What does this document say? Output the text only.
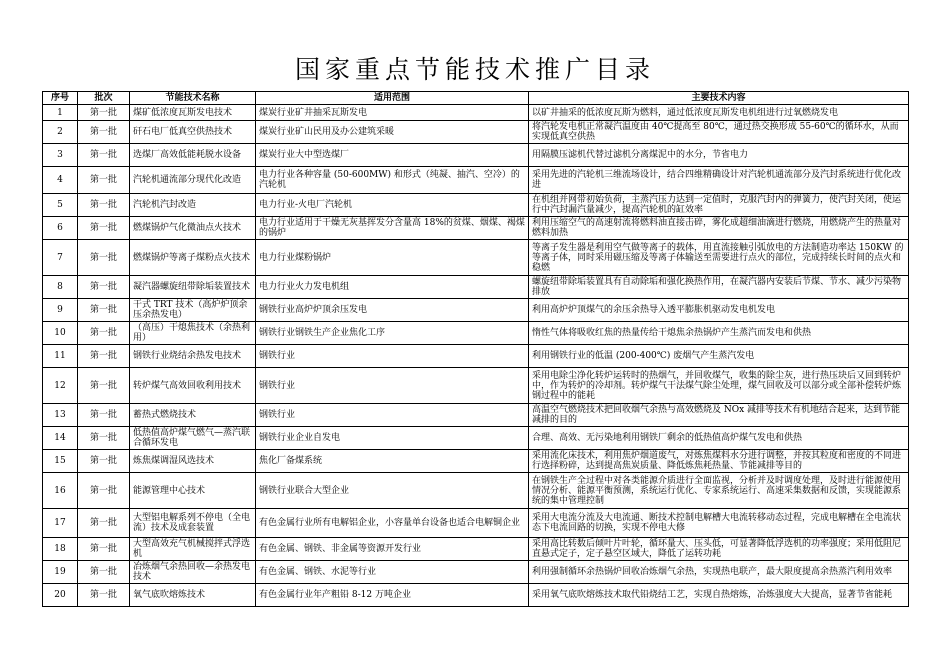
国家重点节能技术推广目录
序号	批次	节能技术名称	适用范围	主要技术内容
1	第一批	煤矿低浓度瓦斯发电技术	煤炭行业矿井抽采瓦斯发电	以矿井抽采的低浓度瓦斯为燃料，通过低浓度瓦斯发电机组进行过氧燃烧发电
2	第一批	矸石电厂低真空供热技术	煤炭行业矿山民用及办公建筑采暖	将汽轮发电机正常凝汽温度由 40℃提高至 80℃，通过热交换形成 55-60℃的循环水，从而实现低真空供热
3	第一批	选煤厂高效低能耗脱水设备	煤炭行业大中型选煤厂	用隔膜压滤机代替过滤机分离煤泥中的水分，节省电力
4	第一批	汽轮机通流部分现代化改造	电力行业各种容量 (50-600MW) 和形式（纯凝、抽汽、空冷）的汽轮机	采用先进的汽轮机三维流场设计，结合四维精确设计对汽轮机通流部分及汽封系统进行优化改进
5	第一批	汽轮机汽封改造	电力行业-火电厂汽轮机	在机组并网带初始负荷，主蒸汽压力达到一定值时，克服汽封内的弹簧力，使汽封关闭，使运行中汽封漏汽量减少，提高汽轮机的缸效率
6	第一批	燃煤锅炉气化微油点火技术	电力行业适用于干燥无灰基挥发分含量高 18%的贫煤、烟煤、褐煤的锅炉	利用压缩空气的高速射流将燃料油直接击碎，雾化成超细油滴进行燃烧，用燃烧产生的热量对燃料加热
7	第一批	燃煤锅炉等离子煤粉点火技术	电力行业煤粉锅炉	等离子发生器是利用空气做等离子的载体，用直流接触引弧放电的方法制造功率达 150KW 的等离子体，同时采用磁压缩及等离子体输送至需要进行点火的部位，完成持续长时间的点火和稳燃
8	第一批	凝汽器螺旋纽带除垢装置技术	电力行业火力发电机组	螺旋纽带除垢装置具有自动除垢和强化换热作用，在凝汽器内安装后节煤、节水、减少污染物排放
9	第一批	干式 TRT 技术（高炉炉顶余压余热发电）	钢铁行业高炉炉顶余压发电	利用高炉炉顶煤气的余压余热导入透平膨胀机驱动发电机发电
10	第一批	（高压）干熄焦技术（余热利用）	钢铁行业钢铁生产企业焦化工序	惰性气体将吸收红焦的热量传给干熄焦余热锅炉产生蒸汽而发电和供热
11	第一批	钢铁行业烧结余热发电技术	钢铁行业	利用钢铁行业的低温 (200-400℃) 废烟气产生蒸汽发电
12	第一批	转炉煤气高效回收利用技术	钢铁行业	采用电除尘净化转炉运转时的热烟气，并回收煤气，收集的除尘灰，进行热压块后又回到转炉中，作为转炉的冷却剂。转炉煤气干法煤气除尘处理，煤气回收及可以部分或全部补偿转炉炼钢过程中的能耗
13	第一批	蓄热式燃烧技术	钢铁行业	高温空气燃烧技术把回收烟气余热与高效燃烧及 NOx 减排等技术有机地结合起来，达到节能减排的目的
14	第一批	低热值高炉煤气燃气—蒸汽联合循环发电	钢铁行业企业自发电	合理、高效、无污染地利用钢铁厂剩余的低热值高炉煤气发电和供热
15	第一批	炼焦煤调湿风选技术	焦化厂备煤系统	采用流化床技术，利用焦炉烟道废气，对炼焦煤料水分进行调整，并按其粒度和密度的不同进行选择粉碎，达到提高焦炭质量、降低炼焦耗热量、节能减排等目的
16	第一批	能源管理中心技术	钢铁行业联合大型企业	在钢铁生产全过程中对各类能源介质进行全面监视，分析并及时调度处理，及时进行能源使用情况分析、能源平衡预测，系统运行优化、专家系统运行、高速采集数据和反馈，实现能源系统的集中管理控制
17	第一批	大型铝电解系列不停电（全电流）技术及成套装置	有色金属行业所有电解铝企业，小容量单台设备也适合电解铜企业	采用大电流分流及大电流通、断技术控制电解槽大电流转移动态过程，完成电解槽在全电流状态下电流回路的切换，实现不停电大修
18	第一批	大型高效充气机械搅拌式浮选机	有色金属、钢铁、非金属等资源开发行业	采用高比转数后倾叶片叶轮，循环量大、压头低，可显著降低浮选机的功率强度；采用低阻尼直悬式定子，定子悬空区域大，降低了运转功耗
19	第一批	冶炼烟气余热回收—余热发电技术	有色金属、钢铁、水泥等行业	利用强制循环余热锅炉回收冶炼烟气余热，实现热电联产，最大限度提高余热蒸汽利用效率
20	第一批	氧气底吹熔炼技术	有色金属行业年产粗铅 8-12 万吨企业	采用氧气底吹熔炼技术取代铅烧结工艺，实现自热熔炼，冶炼强度大大提高，显著节省能耗
